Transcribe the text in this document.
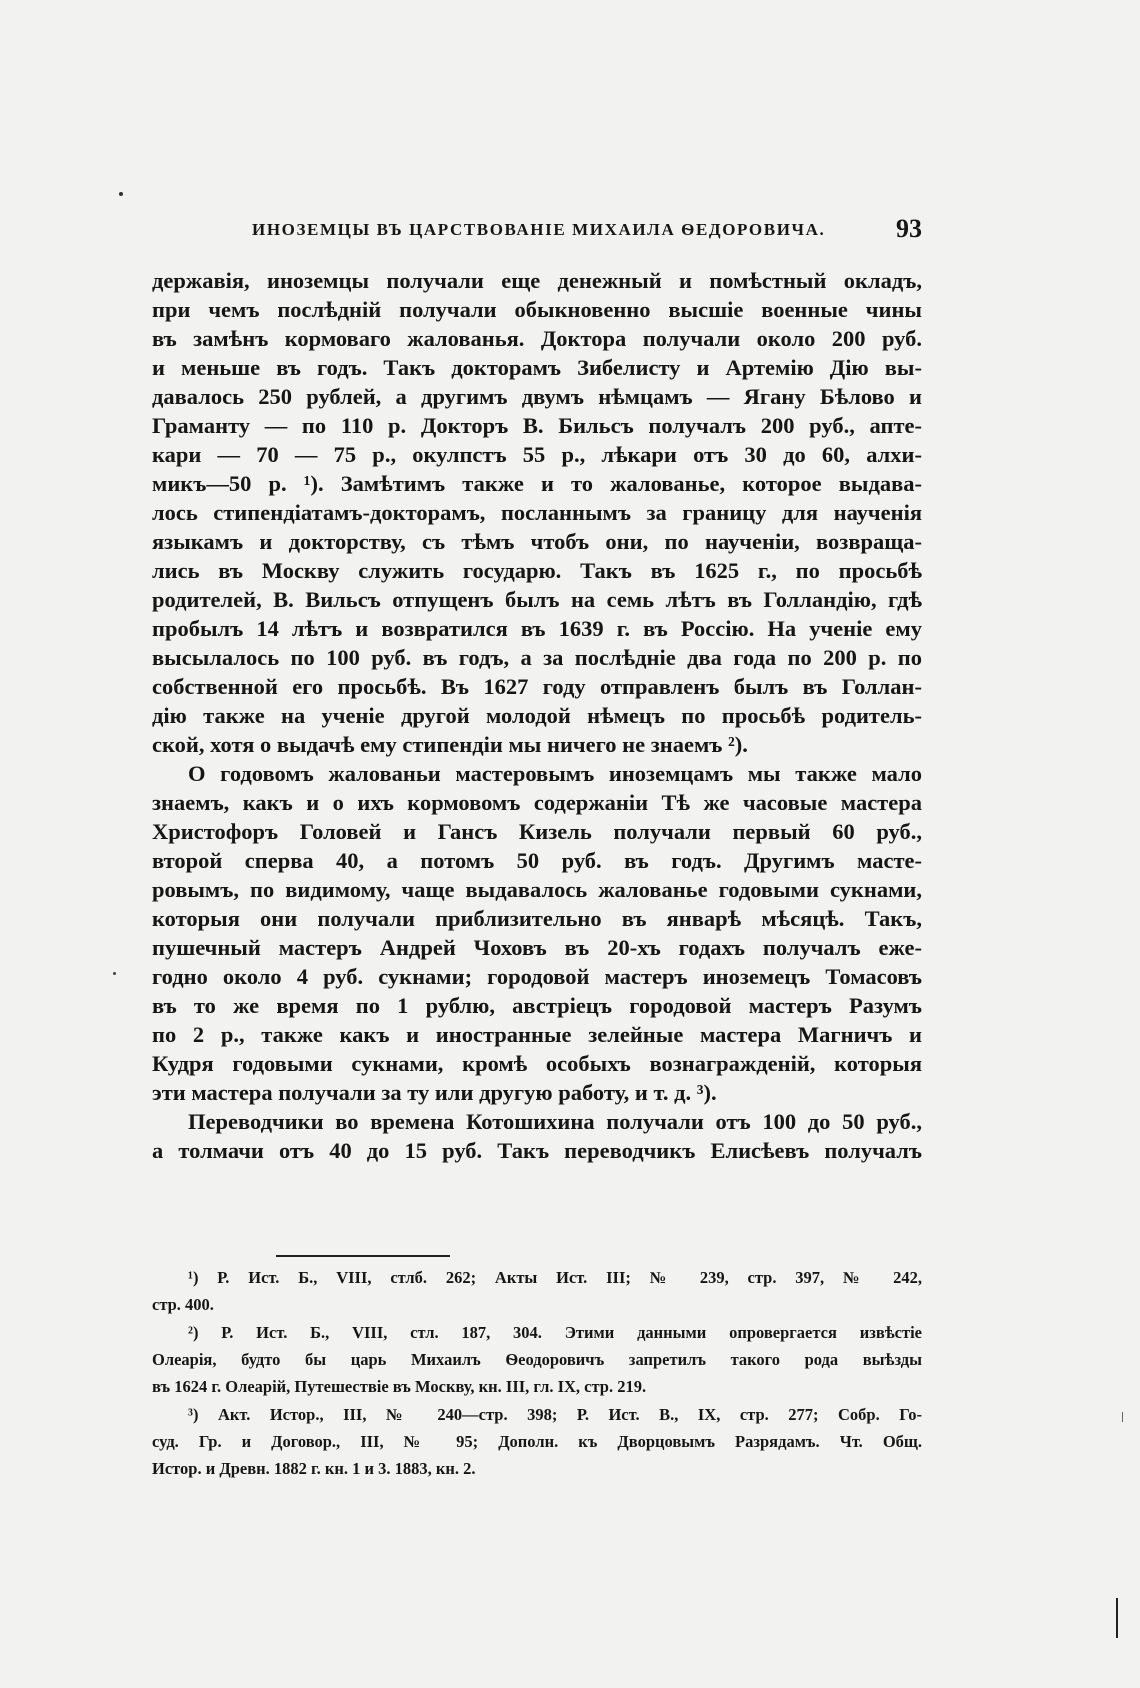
ИНОЗЕМЦЫ ВЪ ЦАРСТВОВАНІЕ МИХАИЛА ѲЕДОРОВИЧА.	93
державія, иноземцы получали еще денежный и помѣстный окладъ,
при чемъ послѣдній получали обыкновенно высшіе военные чины
въ замѣнъ кормоваго жалованья. Доктора получали около 200 руб.
и меньше въ годъ. Такъ докторамъ Зибелисту и Артемію Дію вы-
давалось 250 рублей, а другимъ двумъ нѣмцамъ — Ягану Бѣлово и
Граманту — по 110 р. Докторъ В. Бильсъ получалъ 200 руб., апте-
кари — 70 — 75 р., окулпстъ 55 р., лѣкари отъ 30 до 60, алхи-
микъ—50 р. ¹). Замѣтимъ также и то жалованье, которое выдава-
лось стипендіатамъ-докторамъ, посланнымъ за границу для наученія
языкамъ и докторству, съ тѣмъ чтобъ они, по наученіи, возвраща-
лись въ Москву служить государю. Такъ въ 1625 г., по просьбѣ
родителей, В. Вильсъ отпущенъ былъ на семь лѣтъ въ Голландію, гдѣ
пробылъ 14 лѣтъ и возвратился въ 1639 г. въ Россію. На ученіе ему
высылалось по 100 руб. въ годъ, а за послѣдніе два года по 200 р. по
собственной его просьбѣ. Въ 1627 году отправленъ былъ въ Голлан-
дію также на ученіе другой молодой нѣмецъ по просьбѣ родитель-
ской, хотя о выдачѣ ему стипендіи мы ничего не знаемъ ²).
О годовомъ жалованьи мастеровымъ иноземцамъ мы также мало
знаемъ, какъ и о ихъ кормовомъ содержаніи Тѣ же часовые мастера
Христофоръ Головей и Гансъ Кизель получали первый 60 руб.,
второй сперва 40, а потомъ 50 руб. въ годъ. Другимъ масте-
ровымъ, по видимому, чаще выдавалось жалованье годовыми сукнами,
которыя они получали приблизительно въ январѣ мѣсяцѣ. Такъ,
пушечный мастеръ Андрей Чоховъ въ 20-хъ годахъ получалъ еже-
годно около 4 руб. сукнами; городовой мастеръ иноземецъ Томасовъ
въ то же время по 1 рублю, австріецъ городовой мастеръ Разумъ
по 2 р., также какъ и иностранные зелейные мастера Магничъ и
Кудря годовыми сукнами, кромѣ особыхъ вознагражденій, которыя
эти мастера получали за ту или другую работу, и т. д. ³).
Переводчики во времена Котошихина получали отъ 100 до 50 руб.,
а толмачи отъ 40 до 15 руб. Такъ переводчикъ Елисѣевъ получалъ
¹) Р. Ист. Б., VIII, стлб. 262; Акты Ист. III; № 239, стр. 397, № 242,
стр. 400.
²) Р. Ист. Б., VIII, стл. 187, 304. Этими данными опровергается извѣстіе
Олеарія, будто бы царь Михаилъ Ѳеодоровичъ запретилъ такого рода выѣзды
въ 1624 г. Олеарій, Путешествіе въ Москву, кн. III, гл. IX, стр. 219.
³) Акт. Истор., III, № 240—стр. 398; Р. Ист. В., IX, стр. 277; Собр. Го-
суд. Гр. и Договор., III, № 95; Дополн. къ Дворцовымъ Разрядамъ. Чт. Общ.
Истор. и Древн. 1882 г. кн. 1 и 3. 1883, кн. 2.
